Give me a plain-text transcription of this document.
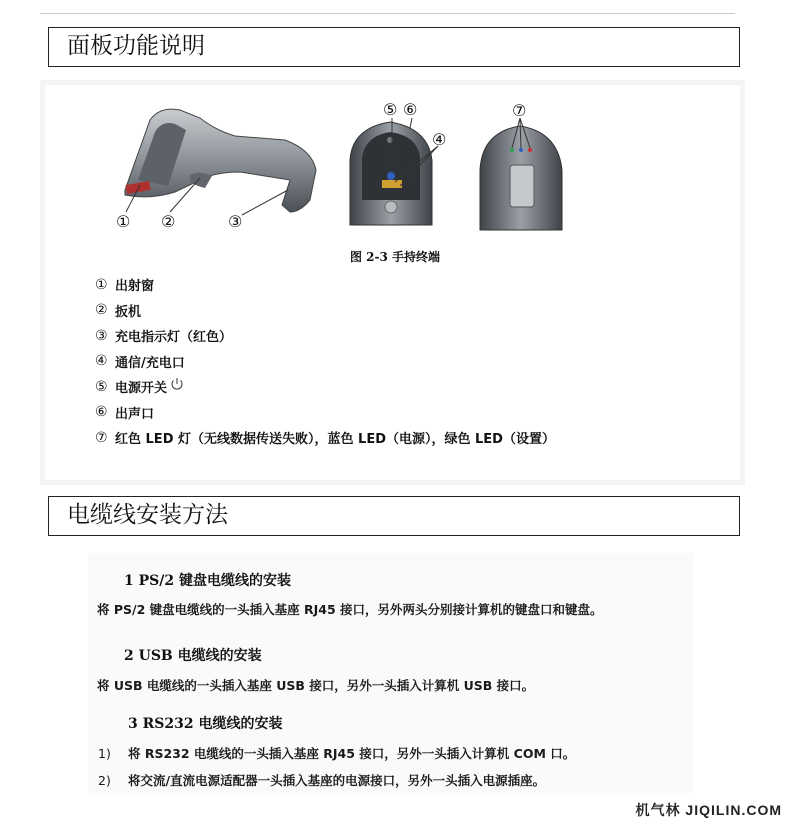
面板功能说明
① ②	③
⑤ ⑥
④
⑦
图 2-3 手持终端
① 出射窗
② 扳机
③ 充电指示灯（红色）
④ 通信/充电口
⑤ 电源开关
⑥ 出声口
⑦ 红色 LED 灯（无线数据传送失败），蓝色 LED（电源），绿色 LED（设置）
电缆线安装方法
1 PS/2 键盘电缆线的安装
将 PS/2 键盘电缆线的一头插入基座 RJ45 接口，另外两头分别接计算机的键盘口和键盘。
2 USB 电缆线的安装
将 USB 电缆线的一头插入基座 USB 接口，另外一头插入计算机 USB 接口。
3 RS232 电缆线的安装
1) 将 RS232 电缆线的一头插入基座 RJ45 接口，另外一头插入计算机 COM 口。
2) 将交流/直流电源适配器一头插入基座的电源接口，另外一头插入电源插座。
机气林 JIQILIN.COM
